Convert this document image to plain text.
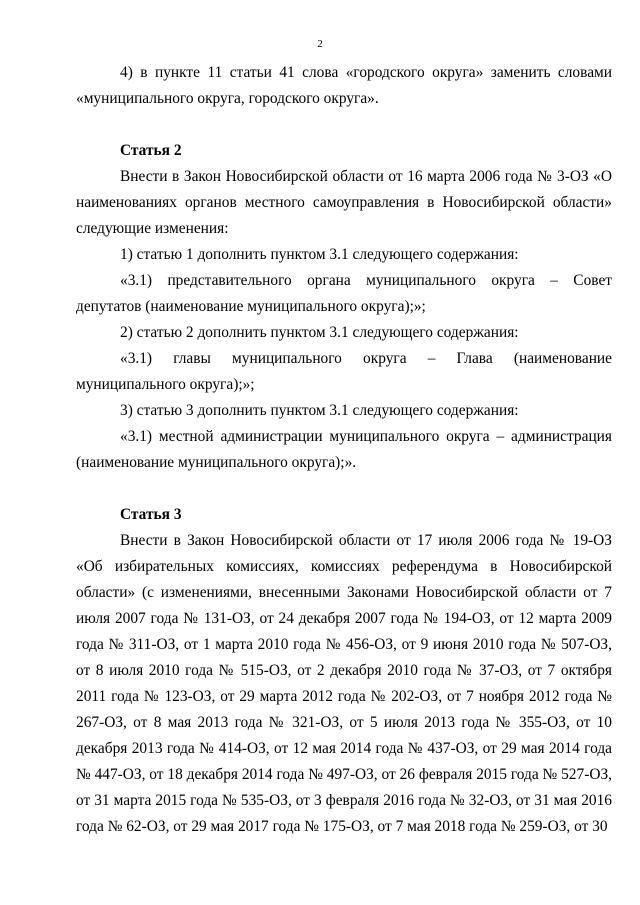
2

4) в пункте 11 статьи 41 слова «городского округа» заменить словами «муниципального округа, городского округа».

Статья 2

Внести в Закон Новосибирской области от 16 марта 2006 года № 3-ОЗ «О наименованиях органов местного самоуправления в Новосибирской области» следующие изменения:

1) статью 1 дополнить пунктом 3.1 следующего содержания:

«3.1) представительного органа муниципального округа – Совет депутатов (наименование муниципального округа);»;

2) статью 2 дополнить пунктом 3.1 следующего содержания:

«3.1) главы муниципального округа – Глава (наименование муниципального округа);»;

3) статью 3 дополнить пунктом 3.1 следующего содержания:

«3.1) местной администрации муниципального округа – администрация (наименование муниципального округа);».

Статья 3

Внести в Закон Новосибирской области от 17 июля 2006 года № 19-ОЗ «Об избирательных комиссиях, комиссиях референдума в Новосибирской области» (с изменениями, внесенными Законами Новосибирской области от 7 июля 2007 года № 131-ОЗ, от 24 декабря 2007 года № 194-ОЗ, от 12 марта 2009 года № 311-ОЗ, от 1 марта 2010 года № 456-ОЗ, от 9 июня 2010 года № 507-ОЗ, от 8 июля 2010 года № 515-ОЗ, от 2 декабря 2010 года № 37-ОЗ, от 7 октября 2011 года № 123-ОЗ, от 29 марта 2012 года № 202-ОЗ, от 7 ноября 2012 года № 267-ОЗ, от 8 мая 2013 года № 321-ОЗ, от 5 июля 2013 года № 355-ОЗ, от 10 декабря 2013 года № 414-ОЗ, от 12 мая 2014 года № 437-ОЗ, от 29 мая 2014 года № 447-ОЗ, от 18 декабря 2014 года № 497-ОЗ, от 26 февраля 2015 года № 527-ОЗ, от 31 марта 2015 года № 535-ОЗ, от 3 февраля 2016 года № 32-ОЗ, от 31 мая 2016 года № 62-ОЗ, от 29 мая 2017 года № 175-ОЗ, от 7 мая 2018 года № 259-ОЗ, от 30
